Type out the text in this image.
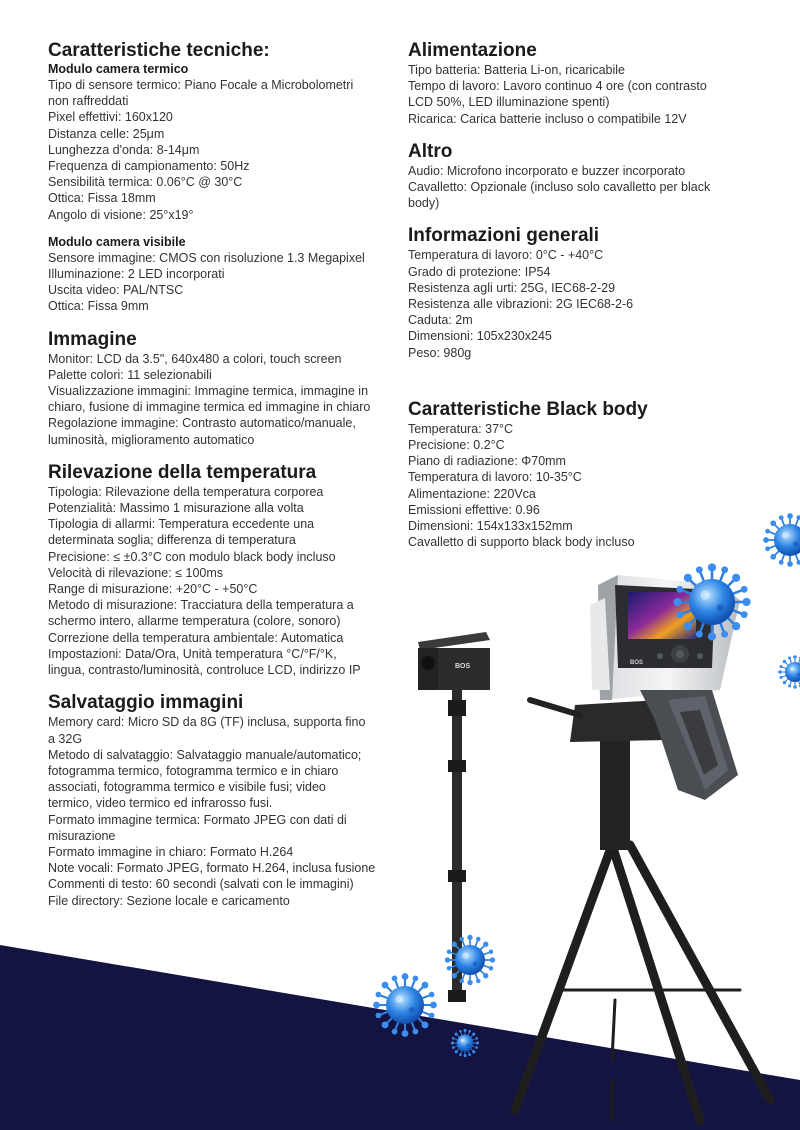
BOS	BOS
Caratteristiche tecniche:
Modulo camera termico
Tipo di sensore termico: Piano Focale a Microbolometri
non raffreddati
Pixel effettivi: 160x120
Distanza celle: 25μm
Lunghezza d'onda: 8-14μm
Frequenza di campionamento: 50Hz
Sensibilità termica: 0.06°C @ 30°C
Ottica: Fissa 18mm
Angolo di visione: 25°x19°
Modulo camera visibile
Sensore immagine: CMOS con risoluzione 1.3 Megapixel
Illuminazione: 2 LED incorporati
Uscita video: PAL/NTSC
Ottica: Fissa 9mm
Immagine
Monitor: LCD da 3.5", 640x480 a colori, touch screen
Palette colori: 11 selezionabili
Visualizzazione immagini: Immagine termica, immagine in
chiaro, fusione di immagine termica ed immagine in chiaro
Regolazione immagine: Contrasto automatico/manuale,
luminosità, miglioramento automatico
Rilevazione della temperatura
Tipologia: Rilevazione della temperatura corporea
Potenzialità: Massimo 1 misurazione alla volta
Tipologia di allarmi: Temperatura eccedente una
determinata soglia; differenza di temperatura
Precisione: ≤ ±0.3°C con modulo black body incluso
Velocità di rilevazione: ≤ 100ms
Range di misurazione: +20°C - +50°C
Metodo di misurazione: Tracciatura della temperatura a
schermo intero, allarme temperatura (colore, sonoro)
Correzione della temperatura ambientale: Automatica
Impostazioni: Data/Ora, Unità temperatura °C/°F/°K,
lingua, contrasto/luminosità, controluce LCD, indirizzo IP
Salvataggio immagini
Memory card: Micro SD da 8G (TF) inclusa, supporta fino
a 32G
Metodo di salvataggio: Salvataggio manuale/automatico;
fotogramma termico, fotogramma termico e in chiaro
associati, fotogramma termico e visibile fusi; video
termico, video termico ed infrarosso fusi.
Formato immagine termica: Formato JPEG con dati di
misurazione
Formato immagine in chiaro: Formato H.264
Note vocali: Formato JPEG, formato H.264, inclusa fusione
Commenti di testo: 60 secondi (salvati con le immagini)
File directory: Sezione locale e caricamento
Alimentazione
Tipo batteria: Batteria Li-on, ricaricabile
Tempo di lavoro: Lavoro continuo 4 ore (con contrasto
LCD 50%, LED illuminazione spenti)
Ricarica: Carica batterie incluso o compatibile 12V
Altro
Audio: Microfono incorporato e buzzer incorporato
Cavalletto: Opzionale (incluso solo cavalletto per black
body)
Informazioni generali
Temperatura di lavoro: 0°C - +40°C
Grado di protezione: IP54
Resistenza agli urti: 25G, IEC68-2-29
Resistenza alle vibrazioni: 2G IEC68-2-6
Caduta: 2m
Dimensioni: 105x230x245
Peso: 980g
Caratteristiche Black body
Temperatura: 37°C
Precisione: 0.2°C
Piano di radiazione: Φ70mm
Temperatura di lavoro: 10-35°C
Alimentazione: 220Vca
Emissioni effettive: 0.96
Dimensioni: 154x133x152mm
Cavalletto di supporto black body incluso
